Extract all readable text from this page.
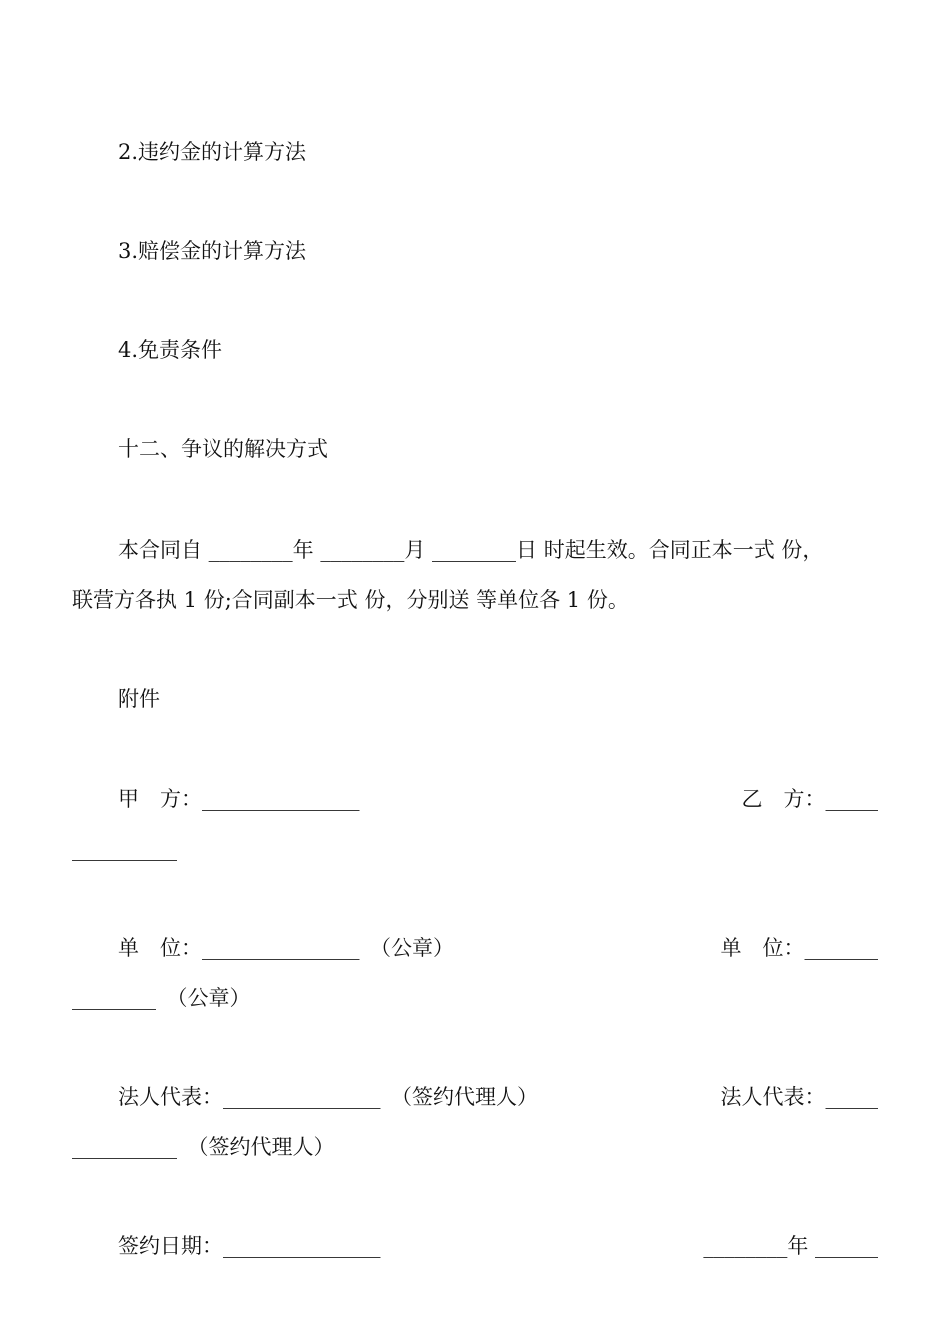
2.违约金的计算方法
3.赔偿金的计算方法
4.免责条件
十二、争议的解决方式
本合同自 ________年 ________月 ________日 时起生效。合同正本一式 份，
联营方各执 1 份;合同副本一式 份，分别送 等单位各 1 份。
附件
甲　方：_______________	乙　方：_____
__________
单　位：_______________　（公章）	单　位：_______
________　（公章）
法人代表：_______________　（签约代理人）	法人代表：_____
__________　（签约代理人）
签约日期：_______________	________年 ______
